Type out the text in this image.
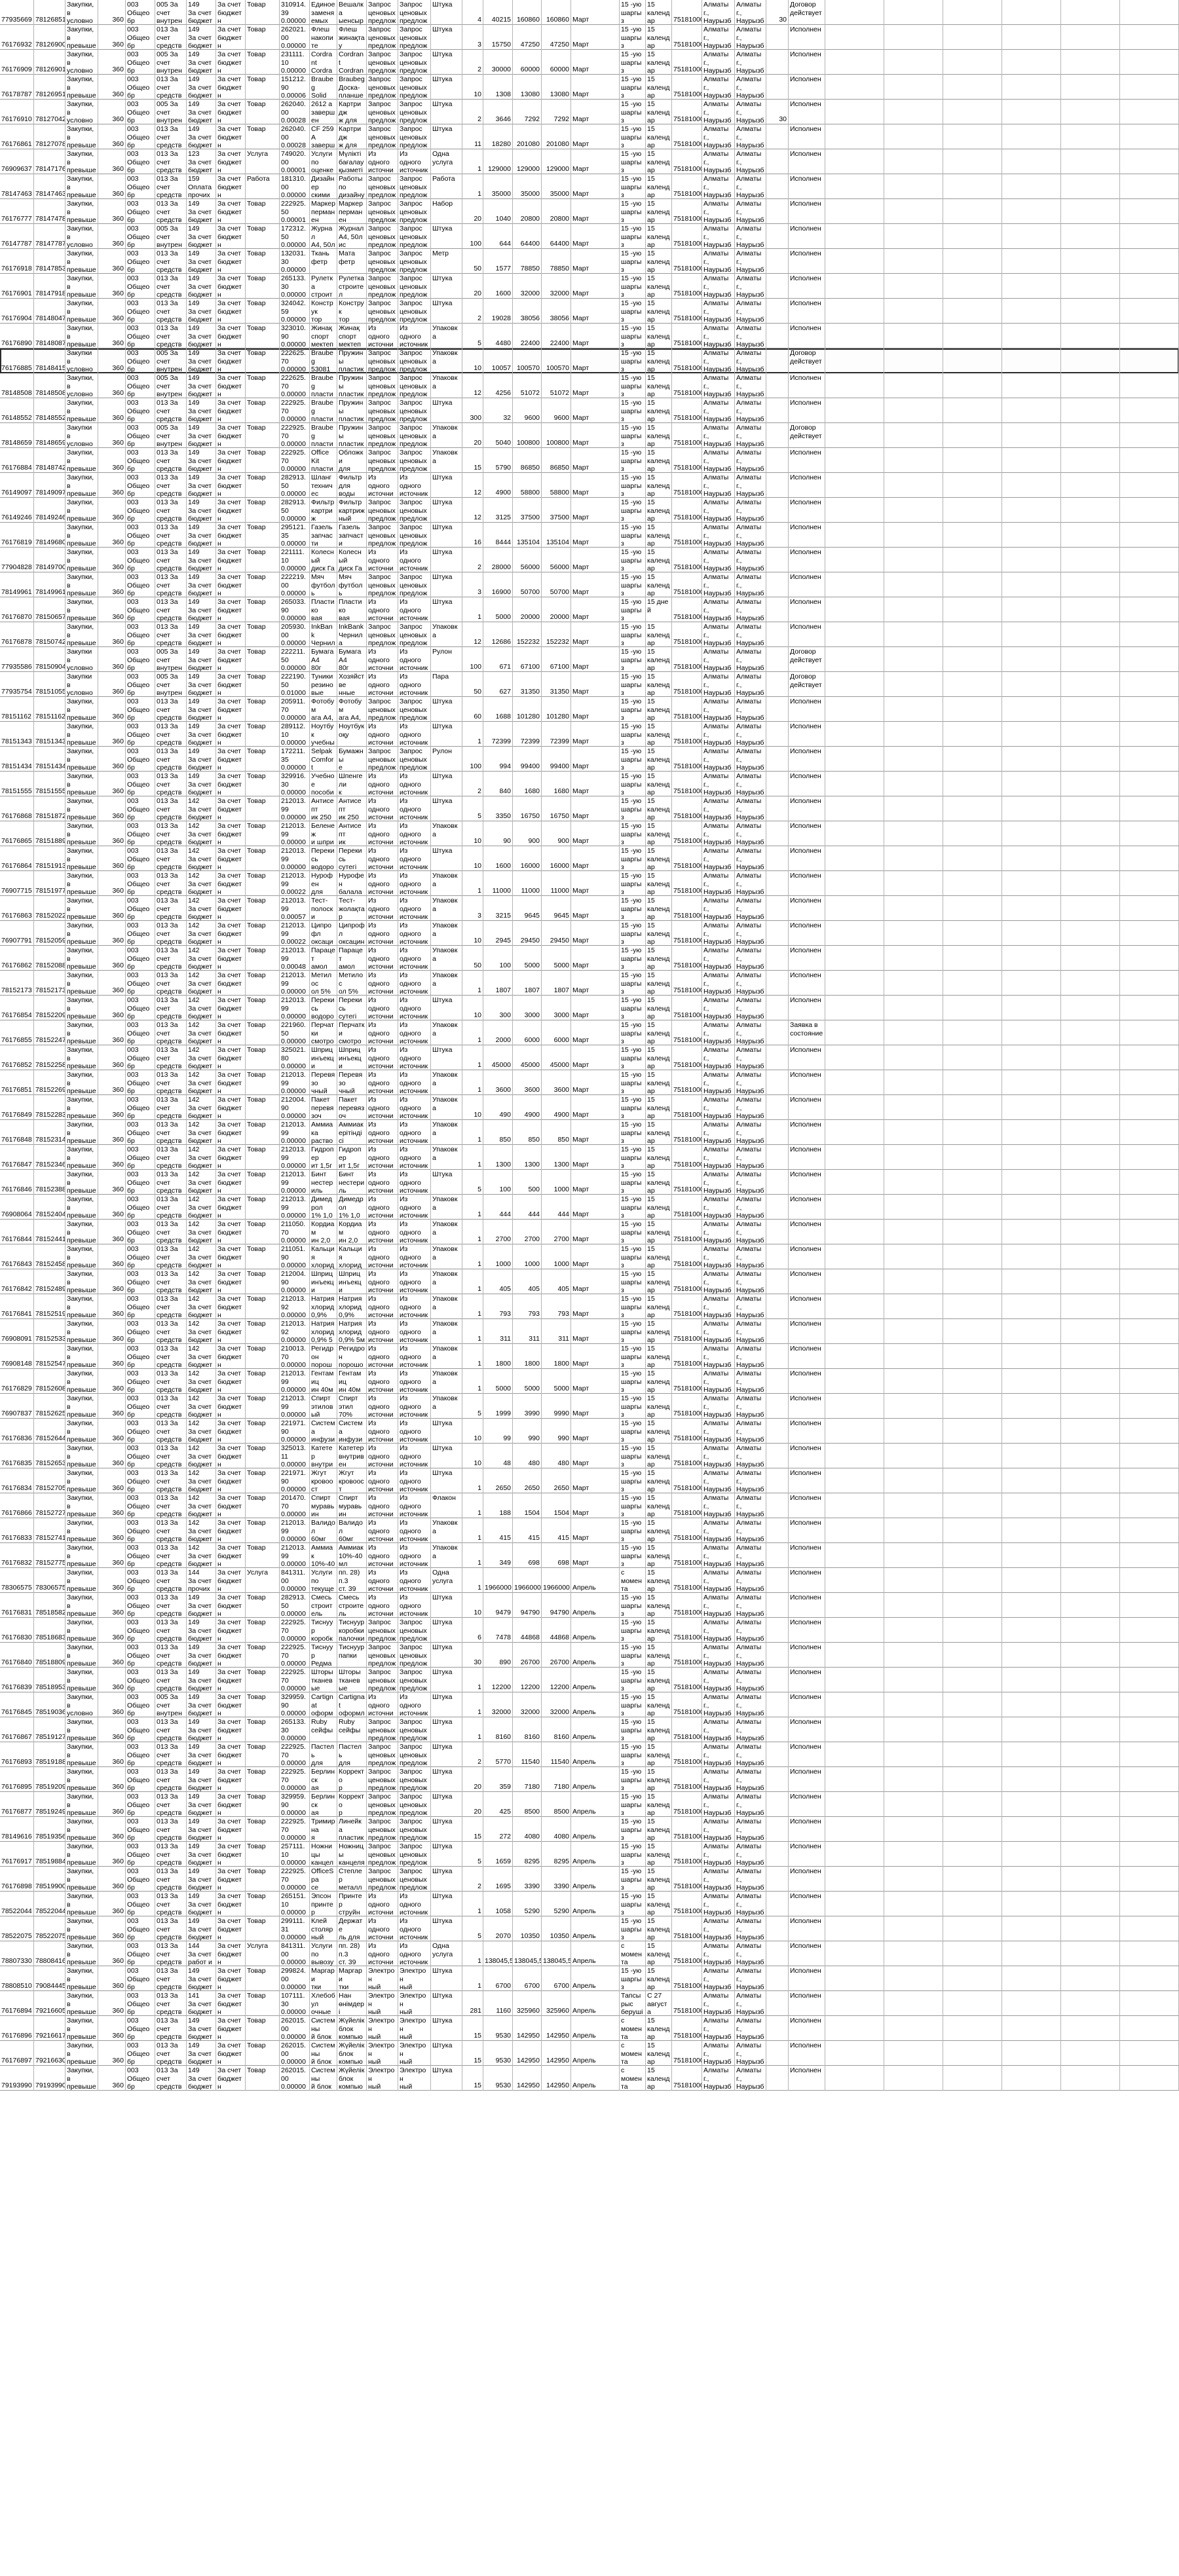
77935669 78126851
Закупки,
в
условно	360
003
Общеобр

005 За
счет
внутрен
149
За счет
бюджет
За счет
бюджетн

Товар	310914.39
0.00000
Единое
заменяемых

Вешалка
ыенсыр

Запрос
ценовых
предлож
Запрос
ценовых
предлож
Штука
4	40215 160860 160860 Март
15 -ую
шаргыз

15
календар	7518100
Алматы
г.,
Наурызб
Алматы
г.,
Наурызб	30
Договор
действует
76176932 78126900
Закупки,
в
превыше	360
003
Общеобр

013 За
счет
средств
149
За счет
бюджет
За счет
бюджетн

Товар	262021.00
0.00000
Флеш
накопите

Флеш
жинақтау

Запрос
ценовых
предлож
Запрос
ценовых
предлож
Штука
3	15750	47250	47250 Март
15 -ую
шаргыз

15
календар	7518100
Алматы
г.,
Наурызб
Алматы
г.,
Наурызб
Исполнен
76176909 78126901
Закупки,
в
условно	360
003
Общеобр

005 За
счет
внутрен
149
За счет
бюджет
За счет
бюджетн

Товар	231111.10
0.00000
Cordrant
Cordra

Cordrant
Cordran

Запрос
ценовых
предлож
Запрос
ценовых
предлож
Штука
2	30000	60000	60000 Март
15 -ую
шаргыз

15
календар	7518100
Алматы
г.,
Наурызб
Алматы
г.,
Наурызб
Исполнен
76178787 78126951
Закупки,
в
превыше	360
003
Общеобр

013 За
счет
средств
149
За счет
бюджет
За счет
бюджетн

Товар	151212.90
0.00006
Braubeg
Solid

Braubeg
Доска-
планше
Запрос
ценовых
предлож
Запрос
ценовых
предлож
Штука
10	1308	13080	13080 Март
15 -ую
шаргыз

15
календар	7518100
Алматы
г.,
Наурызб
Алматы
г.,
Наурызб
Исполнен
76176910 78127042
Закупки,
в
условно	360
003
Общеобр

005 За
счет
внутрен
149
За счет
бюджет
За счет
бюджетн

Товар	262040.00
0.00028
2612 а
завершен

Картридж
ж для

Запрос
ценовых
предлож
Запрос
ценовых
предлож
Штука
2	3646	7292	7292 Март
15 -ую
шаргыз

15
календар	7518100
Алматы
г.,
Наурызб
Алматы
г.,
Наурызб	30
Исполнен
76176861 78127078
Закупки,
в
превыше	360
003
Общеобр

013 За
счет
средств
149
За счет
бюджет
За счет
бюджетн

Товар	262040.00
0.00028
CF 259 А
заверш

Картридж
ж для

Запрос
ценовых
предлож
Запрос
ценовых
предлож
Штука
11	18280 201080 201080 Март
15 -ую
шаргыз

15
календар	7518100
Алматы
г.,
Наурызб
Алматы
г.,
Наурызб
Исполнен
76909637 78147176
Закупки,
в
превыше	360
003
Общеобр

013 За
счет
средств
123
За счет
бюджет
За счет
бюджетн

Услуга	749020.00
0.00001
Услуги по
оценке

Мүлікті
бағалау
қызметі
Из
одного
источни
Из
одного
источник
Одна
услуга
1 129000 129000 129000 Март
15 -ую
шаргыз

15
календар	7518100
Алматы
г.,
Наурызб
Алматы
г.,
Наурызб
Исполнен
78147463 78147463
Закупки,
в
превыше	360
003
Общеобр

013 За
счет
средств
159
Оплата
прочих
За счет
бюджетн

Работа	181310.00
0.00000
Дизайнер
скими

Работы
по
дизайну
Запрос
ценовых
предлож
Запрос
ценовых
предлож
Работа
1	35000	35000	35000 Март
15 -ую
шаргыз

15
календар	7518100
Алматы
г.,
Наурызб
Алматы
г.,
Наурызб
Исполнен
76176777 78147478
Закупки,
в
превыше	360
003
Общеобр

013 За
счет
средств
149
За счет
бюджет
За счет
бюджетн

Товар	222925.50
0.00001
Маркер
перманен

Маркер
перманен

Запрос
ценовых
предлож
Запрос
ценовых
предлож
Набор
20	1040	20800	20800 Март
15 -ую
шаргыз

15
календар	7518100
Алматы
г.,
Наурызб
Алматы
г.,
Наурызб
Исполнен
76147787 78147787
Закупки,
в
условно	360
003
Общеобр

005 За
счет
внутрен
149
За счет
бюджет
За счет
бюджетн

Товар	172312.50
0.00000
Журнал
A4, 50л

Журнал
A4, 50лис

Запрос
ценовых
предлож
Запрос
ценовых
предлож
Штука
100	644	64400	64400 Март
15 -ую
шаргыз

15
календар	7518100
Алматы
г.,
Наурызб
Алматы
г.,
Наурызб
Исполнен
76176918 78147853
Закупки,
в
превыше	360
003
Общеобр

013 За
счет
средств
149
За счет
бюджет
За счет
бюджетн

Товар	132031.30
0.00000
Ткань
фетр
Мата
фетр
Запрос
ценовых
предлож
Запрос
ценовых
предлож
Метр
50	1577	78850	78850 Март
15 -ую
шаргыз

15
календар	7518100
Алматы
г.,
Наурызб
Алматы
г.,
Наурызб
Исполнен
76176901 78147918
Закупки,
в
превыше	360
003
Общеобр

013 За
счет
средств
149
За счет
бюджет
За счет
бюджетн

Товар	265133.30
0.00000
Рулетка
строит

Рулетка
строител

Запрос
ценовых
предлож
Запрос
ценовых
предлож
Штука
20	1600	32000	32000 Март
15 -ую
шаргыз

15
календар	7518100
Алматы
г.,
Наурызб
Алматы
г.,
Наурызб
Исполнен
76176904 78148047
Закупки,
в
превыше	360
003
Общеобр

013 За
счет
средств
149
За счет
бюджет
За счет
бюджетн

Товар	324042.59
0.00000
Конструк
тор

Конструк
тор

Запрос
ценовых
предлож
Запрос
ценовых
предлож
Штука
2	19028	38056	38056 Март
15 -ую
шаргыз

15
календар	7518100
Алматы
г.,
Наурызб
Алматы
г.,
Наурызб
Исполнен
76176890 78148087
Закупки,
в
превыше	360
003
Общеобр

013 За
счет
средств
149
За счет
бюджет
За счет
бюджетн

Товар	323010.90
0.00000
Жинақ
спорт
мектеп
Жинақ
спорт
мектеп
Из
одного
источни
Из
одного
источник
Упаковка
5	4480	22400	22400 Март
15 -ую
шаргыз

15
календар	7518100
Алматы
г.,
Наурызб
Алматы
г.,
Наурызб
Исполнен
76176885 78148415
Закупки в
условно	360
003
Общеобр

005 За
счет
внутрен
149
За счет
бюджет
За счет
бюджетн

Товар	222625.70
0.00000
Braubeg
53081

Пружины
пластик

Запрос
ценовых
предлож
Запрос
ценовых
предлож
Упаковка
10	10057 100570 100570 Март
15 -ую
шаргыз

15
календар	7518100
Алматы
г.,
Наурызб
Алматы
г.,
Наурызб
Договор
действует
78148508 78148508
Закупки,
в
условно	360
003
Общеобр

005 За
счет
внутрен
149
За счет
бюджет
За счет
бюджетн

Товар	222625.70
0.00000
Braubeg
пласти

Пружины
пластик

Запрос
ценовых
предлож
Запрос
ценовых
предлож
Упаковка
12	4256	51072	51072 Март
15 -ую
шаргыз

15
календар	7518100
Алматы
г.,
Наурызб
Алматы
г.,
Наурызб
Исполнен
76148552 78148552
Закупки,
в
превыше	360
003
Общеобр

013 За
счет
средств
149
За счет
бюджет
За счет
бюджетн

Товар	222925.70
0.00000
Braubeg
пласти

Пружины
пластик

Запрос
ценовых
предлож
Запрос
ценовых
предлож
Штука
300	32	9600	9600 Март
15 -ую
шаргыз

15
календар	7518100
Алматы
г.,
Наурызб
Алматы
г.,
Наурызб
Исполнен
78148659 78148659
Закупки в
условно	360
003
Общеобр

005 За
счет
внутрен
149
За счет
бюджет
За счет
бюджетн

Товар	222925.70
0.00000
Braubeg
пласти

Пружины
пластик

Запрос
ценовых
предлож
Запрос
ценовых
предлож
Упаковка
20	5040 100800 100800 Март
15 -ую
шаргыз

15
календар	7518100
Алматы
г.,
Наурызб
Алматы
г.,
Наурызб
Договор
действует
76176884 78148742
Закупки,
в
превыше	360
003
Общеобр

013 За
счет
средств
149
За счет
бюджет
За счет
бюджетн

Товар	222925.70
0.00000
Office Kit
пласти

Обложки
для

Запрос
ценовых
предлож
Запрос
ценовых
предлож
Упаковка
15	5790	86850	86850 Март
15 -ую
шаргыз

15
календар	7518100
Алматы
г.,
Наурызб
Алматы
г.,
Наурызб
Исполнен
76149097 78149097
Закупки,
в
превыше	360
003
Общеобр

013 За
счет
средств
149
За счет
бюджет
За счет
бюджетн

Товар	282913.50
0.00000
Шланг
техничес

Фильтр
для
воды
Из
одного
источни
Из
одного
источник
Штука
12	4900	58800	58800 Март
15 -ую
шаргыз

15
календар	7518100
Алматы
г.,
Наурызб
Алматы
г.,
Наурызб
Исполнен
76149246 78149246
Закупки,
в
превыше	360
003
Общеобр

013 За
счет
средств
149
За счет
бюджет
За счет
бюджетн

Товар	282913.50
0.00000
Фильтр
картриж

Фильтр
картриж
ный
Запрос
ценовых
предлож
Запрос
ценовых
предлож
Штука
12	3125	37500	37500 Март
15 -ую
шаргыз

15
календар	7518100
Алматы
г.,
Наурызб
Алматы
г.,
Наурызб
Исполнен
76176819 78149680
Закупки,
в
превыше	360
003
Общеобр

013 За
счет
средств
149
За счет
бюджет
За счет
бюджетн

Товар	295121.35
0.00000
Газель
запчасти

Газель
запчасти

Запрос
ценовых
предлож
Запрос
ценовых
предлож
Штука
16	8444 135104 135104 Март
15 -ую
шаргыз

15
календар	7518100
Алматы
г.,
Наурызб
Алматы
г.,
Наурызб
Исполнен
77904828 78149700
Закупки,
в
превыше	360
003
Общеобр

013 За
счет
средств
149
За счет
бюджет
За счет
бюджетн

Товар	221111.10
0.00000
Колесный
диск Га

Колесный
диск Га

Из
одного
источни
Из
одного
источник
Штука
2	28000	56000	56000 Март
15 -ую
шаргыз

15
календар	7518100
Алматы
г.,
Наурызб
Алматы
г.,
Наурызб
Исполнен
78149961 78149961
Закупки,
в
превыше	360
003
Общеобр

013 За
счет
средств
149
За счет
бюджет
За счет
бюджетн

Товар	222219.00
0.00000
Мяч
футболь

Мяч
футболь

Запрос
ценовых
предлож
Запрос
ценовых
предлож
Штука
3	16900	50700	50700 Март
15 -ую
шаргыз

15
календар	7518100
Алматы
г.,
Наурызб
Алматы
г.,
Наурызб
Исполнен
76176870 78150657
Закупки,
в
превыше	360
003
Общеобр

013 За
счет
средств
149
За счет
бюджет
За счет
бюджетн

Товар	265033.90
0.00000
Пластико
вая

Пластико
вая

Из
одного
источни
Из
одного
источник
Штука
1	5000	20000	20000 Март
15 -ую
шаргыз

15 дней
7518100
Алматы
г.,
Наурызб
Алматы
г.,
Наурызб
Исполнен
76176878 78150742
Закупки,
в
превыше	360
003
Общеобр

013 За
счет
средств
149
За счет
бюджет
За счет
бюджетн

Товар	205930.00
0.00000
InkBank
Чернил

InkBank
Чернила

Запрос
ценовых
предлож
Запрос
ценовых
предлож
Упаковка
12	12686 152232 152232 Март
15 -ую
шаргыз

15
календар	7518100
Алматы
г.,
Наурызб
Алматы
г.,
Наурызб
Исполнен
77935586 78150904
Закупки в
условно	360
003
Общеобр

005 За
счет
внутрен
149
За счет
бюджет
За счет
бюджетн

Товар	222211.50
0.00000
Бумага
А4
80г
Бумага
А4
80г
Из
одного
источни
Из
одного
источник
Рулон
100	671	67100	67100 Март
15 -ую
шаргыз

15
календар	7518100
Алматы
г.,
Наурызб
Алматы
г.,
Наурызб
Договор
действует
77935754 78151055
Закупки в
условно	360
003
Общеобр

005 За
счет
внутрен
149
За счет
бюджет
За счет
бюджетн

Товар	222190.50
0.01000
Туники
резиновые
Хозяйстве
нные

Из
одного
источни
Из
одного
источник
Пара
50	627	31350	31350 Март
15 -ую
шаргыз

15
календар	7518100
Алматы
г.,
Наурызб
Алматы
г.,
Наурызб
Договор
действует
78151162 78151162
Закупки,
в
превыше	360
003
Общеобр

013 За
счет
средств
149
За счет
бюджет
За счет
бюджетн

Товар	205911.70
0.00000
Фотобум
ага А4,

Фотобум
ага А4,

Запрос
ценовых
предлож
Запрос
ценовых
предлож
Штука
60	1688 101280 101280 Март
15 -ую
шаргыз

15
календар	7518100
Алматы
г.,
Наурызб
Алматы
г.,
Наурызб
Исполнен
78151343 78151343
Закупки,
в
превыше	360
003
Общеобр

013 За
счет
средств
149
За счет
бюджет
За счет
бюджетн

Товар	289112.10
0.00000
Ноутбук
учебны
Ноутбук
оқу
Из
одного
источни
Из
одного
источник
Штука
1	72399	72399	72399 Март
15 -ую
шаргыз

15
календар	7518100
Алматы
г.,
Наурызб
Алматы
г.,
Наурызб
Исполнен
78151434 78151434
Закупки,
в
превыше	360
003
Общеобр

013 За
счет
средств
149
За счет
бюджет
За счет
бюджетн

Товар	172211.35
0.00000
Selpak
Comfort

Бумажны
е

Запрос
ценовых
предлож
Запрос
ценовых
предлож
Рулон
100	994	99400	99400 Март
15 -ую
шаргыз

15
календар	7518100
Алматы
г.,
Наурызб
Алматы
г.,
Наурызб
Исполнен
78151555 78151555
Закупки,
в
превыше	360
003
Общеобр

013 За
счет
средств
149
За счет
бюджет
За счет
бюджетн

Товар	329916.30
0.00000
Учебное
пособи
Шпенгели
к
Из
одного
источни
Из
одного
источник
Штука
2	840	1680	1680 Март
15 -ую
шаргыз

15
календар	7518100
Алматы
г.,
Наурызб
Алматы
г.,
Наурызб
Исполнен
76176868 78151872
Закупки,
в
превыше	360
003
Общеобр

013 За
счет
средств
142
За счет
бюджет
За счет
бюджетн

Товар	212013.99
0.00000
Антисепт
ик 250

Антисепт
ик 250

Из
одного
источни
Из
одного
источник
Штука
5	3350	16750	16750 Март
15 -ую
шаргыз

15
календар	7518100
Алматы
г.,
Наурызб
Алматы
г.,
Наурызб
Исполнен
76176865 78151889
Закупки,
в
превыше	360
003
Общеобр

013 За
счет
средств
142
За счет
бюджет
За счет
бюджетн

Товар	212013.99
0.00000
Беленеж
и шпри

Антисепт
ик

Из
одного
источни
Из
одного
источник
Упаковка
10	90	900	900 Март
15 -ую
шаргыз

15
календар	7518100
Алматы
г.,
Наурызб
Алматы
г.,
Наурызб
Исполнен
76176864 78151913
Закупки,
в
превыше	360
003
Общеобр

013 За
счет
средств
142
За счет
бюджет
За счет
бюджетн

Товар	212013.99
0.00000
Перекись
водоро

Перекись
сутегі

Из
одного
источни
Из
одного
источник
Штука
10	1600	16000	16000 Март
15 -ую
шаргыз

15
календар	7518100
Алматы
г.,
Наурызб
Алматы
г.,
Наурызб
Исполнен
76907715 78151977
Закупки,
в
превыше	360
003
Общеобр

013 За
счет
средств
142
За счет
бюджет
За счет
бюджетн

Товар	212013.99
0.00022
Нурофен
для

Нурофен
балала

Из
одного
источни
Из
одного
источник
Упаковка
1	11000	11000	11000 Март
15 -ую
шаргыз

15
календар	7518100
Алматы
г.,
Наурызб
Алматы
г.,
Наурызб
Исполнен
76176863 78152022
Закупки,
в
превыше	360
003
Общеобр

013 За
счет
средств
142
За счет
бюджет
За счет
бюджетн

Товар	212013.99
0.00057
Тест-
полоски

Тест-
жолақтар

Из
одного
источни
Из
одного
источник
Упаковка
3	3215	9645	9645 Март
15 -ую
шаргыз

15
календар	7518100
Алматы
г.,
Наурызб
Алматы
г.,
Наурызб
Исполнен
76907791 78152059
Закупки,
в
превыше	360
003
Общеобр

013 За
счет
средств
142
За счет
бюджет
За счет
бюджетн

Товар	212013.99
0.00022
Ципрофл
оксаци

Ципрофл
оксацин

Из
одного
источни
Из
одного
источник
Упаковка
10	2945	29450	29450 Март
15 -ую
шаргыз

15
календар	7518100
Алматы
г.,
Наурызб
Алматы
г.,
Наурызб
Исполнен
76176862 78152088
Закупки,
в
превыше	360
003
Общеобр

013 За
счет
средств
142
За счет
бюджет
За счет
бюджетн

Товар	212013.99
0.00048
Парацет
амол

Парацет
амол

Из
одного
источни
Из
одного
источник
Упаковка
50	100	5000	5000 Март
15 -ую
шаргыз

15
календар	7518100
Алматы
г.,
Наурызб
Алматы
г.,
Наурызб
Исполнен
78152173 78152173
Закупки,
в
превыше	360
003
Общеобр

013 За
счет
средств
142
За счет
бюджет
За счет
бюджетн

Товар	212013.99
0.00000
Метилос
ол 5%

Метилос
ол 5%

Из
одного
источни
Из
одного
источник
Упаковка
1	1807	1807	1807 Март
15 -ую
шаргыз

15
календар	7518100
Алматы
г.,
Наурызб
Алматы
г.,
Наурызб
Исполнен
76176854 78152209
Закупки,
в
превыше	360
003
Общеобр

013 За
счет
средств
142
За счет
бюджет
За счет
бюджетн

Товар	212013.99
0.00000
Перекись
водоро

Перекись
сутегі

Из
одного
источни
Из
одного
источник
Штука
10	300	3000	3000 Март
15 -ую
шаргыз

15
календар	7518100
Алматы
г.,
Наурызб
Алматы
г.,
Наурызб
Исполнен
76176855 78152247
Закупки,
в
превыше	360
003
Общеобр

013 За
счет
средств
142
За счет
бюджет
За счет
бюджетн

Товар	221960.50
0.00000
Перчатки
смотро
Перчатки
смотро
Из
одного
источни
Из
одного
источник
Упаковка
1	2000	6000	6000 Март
15 -ую
шаргыз

15
календар	7518100
Алматы
г.,
Наурызб
Алматы
г.,
Наурызб
Заявка в
состояние
76176852 78152258
Закупки,
в
превыше	360
003
Общеобр

013 За
счет
средств
142
За счет
бюджет
За счет
бюджетн

Товар	325021.80
0.00000
Шприц
инъекци

Шприц
инъекци

Из
одного
источни
Из
одного
источник
Штука
1	45000	45000	45000 Март
15 -ую
шаргыз

15
календар	7518100
Алматы
г.,
Наурызб
Алматы
г.,
Наурызб
Исполнен
76176851 78152269
Закупки,
в
превыше	360
003
Общеобр

013 За
счет
средств
142
За счет
бюджет
За счет
бюджетн

Товар	212013.99
0.00000
Перевязо
чный

Перевязо
чный

Из
одного
источни
Из
одного
источник
Упаковка
1	3600	3600	3600 Март
15 -ую
шаргыз

15
календар	7518100
Алматы
г.,
Наурызб
Алматы
г.,
Наурызб
Исполнен
76176849 78152283
Закупки,
в
превыше	360
003
Общеобр

013 За
счет
средств
142
За счет
бюджет
За счет
бюджетн

Товар	212004.90
0.00000
Пакет
перевязоч

Пакет
перевязоч

Из
одного
источни
Из
одного
источник
Упаковка
10	490	4900	4900 Март
15 -ую
шаргыз

15
календар	7518100
Алматы
г.,
Наурызб
Алматы
г.,
Наурызб
Исполнен
76176848 78152314
Закупки,
в
превыше	360
003
Общеобр

013 За
счет
средств
142
За счет
бюджет
За счет
бюджетн

Товар	212013.99
0.00000
Аммиака
раство

Аммиак
ерітіндісі

Из
одного
источни
Из
одного
источник
Упаковка
1	850	850	850 Март
15 -ую
шаргыз

15
календар	7518100
Алматы
г.,
Наурызб
Алматы
г.,
Наурызб
Исполнен
76176847 78152346
Закупки,
в
превыше	360
003
Общеобр

013 За
счет
средств
142
За счет
бюджет
За счет
бюджетн

Товар	212013.99
0.00000
Гидропер
ит 1,5г
Гидропер
ит 1,5г
Из
одного
источни
Из
одного
источник
Упаковка
1	1300	1300	1300 Март
15 -ую
шаргыз

15
календар	7518100
Алматы
г.,
Наурызб
Алматы
г.,
Наурызб
Исполнен
76176846 78152388
Закупки,
в
превыше	360
003
Общеобр

013 За
счет
средств
142
За счет
бюджет
За счет
бюджетн

Товар	212013.99
0.00000
Бинт
нестериль

Бинт
нестериль

Из
одного
источни
Из
одного
источник
Штука
5	100	500	1000 Март
15 -ую
шаргыз

15
календар	7518100
Алматы
г.,
Наурызб
Алматы
г.,
Наурызб
Исполнен
76908064 78152404
Закупки,
в
превыше	360
003
Общеобр

013 За
счет
средств
142
За счет
бюджет
За счет
бюджетн

Товар	212013.99
0.00000
Димедрол
1% 1,0

Димедрол
1% 1,0

Из
одного
источни
Из
одного
источник
Упаковка
1	444	444	444 Март
15 -ую
шаргыз

15
календар	7518100
Алматы
г.,
Наурызб
Алматы
г.,
Наурызб
Исполнен
76176844 78152441
Закупки,
в
превыше	360
003
Общеобр

013 За
счет
средств
142
За счет
бюджет
За счет
бюджетн

Товар	211050.70
0.00000
Кордиам
ин 2,0

Кордиам
ин 2,0

Из
одного
источни
Из
одного
источник
Упаковка
1	2700	2700	2700 Март
15 -ую
шаргыз

15
календар	7518100
Алматы
г.,
Наурызб
Алматы
г.,
Наурызб
Исполнен
76176843 78152458
Закупки,
в
превыше	360
003
Общеобр

013 За
счет
средств
142
За счет
бюджет
За счет
бюджетн

Товар	211051.90
0.00000
Кальция
хлорид

Кальция
хлорид

Из
одного
источни
Из
одного
источник
Упаковка
1	1000	1000	1000 Март
15 -ую
шаргыз

15
календар	7518100
Алматы
г.,
Наурызб
Алматы
г.,
Наурызб
Исполнен
76176842 78152489
Закупки,
в
превыше	360
003
Общеобр

013 За
счет
средств
142
За счет
бюджет
За счет
бюджетн

Товар	212004.90
0.00000
Шприц
инъекци

Шприц
инъекци

Из
одного
источни
Из
одного
источник
Упаковка
1	405	405	405 Март
15 -ую
шаргыз

15
календар	7518100
Алматы
г.,
Наурызб
Алматы
г.,
Наурызб
Исполнен
76176841 78152519
Закупки,
в
превыше	360
003
Общеобр

013 За
счет
средств
142
За счет
бюджет
За счет
бюджетн

Товар	212013.92
0.00000
Натрия
хлорид
0,9%
Натрия
хлорид
0,9%
Из
одного
источни
Из
одного
источник
Упаковка
1	793	793	793 Март
15 -ую
шаргыз

15
календар	7518100
Алматы
г.,
Наурызб
Алматы
г.,
Наурызб
Исполнен
76908091 78152533
Закупки,
в
превыше	360
003
Общеобр

013 За
счет
средств
142
За счет
бюджет
За счет
бюджетн

Товар	212013.92
0.00000
Натрия
хлорид
0,9% 5
Натрия
хлорид
0,9% 5м
Из
одного
источни
Из
одного
источник
Упаковка
1	311	311	311 Март
15 -ую
шаргыз

15
календар	7518100
Алматы
г.,
Наурызб
Алматы
г.,
Наурызб
Исполнен
76908148 78152547
Закупки,
в
превыше	360
003
Общеобр

013 За
счет
средств
142
За счет
бюджет
За счет
бюджетн

Товар	210013.70
0.00000
Регидрон
порош

Регидрон
порошо

Из
одного
источни
Из
одного
источник
Упаковка
1	1800	1800	1800 Март
15 -ую
шаргыз

15
календар	7518100
Алматы
г.,
Наурызб
Алматы
г.,
Наурызб
Исполнен
76176829 78152608
Закупки,
в
превыше	360
003
Общеобр

013 За
счет
средств
142
За счет
бюджет
За счет
бюджетн

Товар	212013.99
0.00000
Гентамиц
ин 40м

Гентамиц
ин 40м

Из
одного
источни
Из
одного
источник
Упаковка
1	5000	5000	5000 Март
15 -ую
шаргыз

15
календар	7518100
Алматы
г.,
Наурызб
Алматы
г.,
Наурызб
Исполнен
76907837 78152625
Закупки,
в
превыше	360
003
Общеобр

013 За
счет
средств
142
За счет
бюджет
За счет
бюджетн

Товар	212013.99
0.00000
Спирт
этиловый

Спирт
этил
70%
Из
одного
источни
Из
одного
источник
Упаковка
5	1999	3990	9990 Март
15 -ую
шаргыз

15
календар	7518100
Алматы
г.,
Наурызб
Алматы
г.,
Наурызб
Исполнен
76176836 78152644
Закупки,
в
превыше	360
003
Общеобр

013 За
счет
средств
142
За счет
бюджет
За счет
бюджетн

Товар	221971.90
0.00000
Система
инфузи

Система
инфузи

Из
одного
источни
Из
одного
источник
Штука
10	99	990	990 Март
15 -ую
шаргыз

15
календар	7518100
Алматы
г.,
Наурызб
Алматы
г.,
Наурызб
Исполнен
76176835 78152653
Закупки,
в
превыше	360
003
Общеобр

013 За
счет
средств
142
За счет
бюджет
За счет
бюджетн

Товар	325013.11
0.00000
Катетер
внутри

Катетер
внутривен

Из
одного
источни
Из
одного
источник
Штука
10	48	480	480 Март
15 -ую
шаргыз

15
календар	7518100
Алматы
г.,
Наурызб
Алматы
г.,
Наурызб
Исполнен
76176834 78152705
Закупки,
в
превыше	360
003
Общеобр

013 За
счет
средств
142
За счет
бюджет
За счет
бюджетн

Товар	221971.90
0.00000
Жгут
кровоост

Жгут
кровоост

Из
одного
источни
Из
одного
источник
Штука
1	2650	2650	2650 Март
15 -ую
шаргыз

15
календар	7518100
Алматы
г.,
Наурызб
Алматы
г.,
Наурызб
Исполнен
76176866 78152727
Закупки,
в
превыше	360
003
Общеобр

013 За
счет
средств
142
За счет
бюджет
За счет
бюджетн

Товар	201470.70
0.00000
Спирт
муравьин

Спирт
муравьин

Из
одного
источни
Из
одного
источник
Флакон
1	188	1504	1504 Март
15 -ую
шаргыз

15
календар	7518100
Алматы
г.,
Наурызб
Алматы
г.,
Наурызб
Исполнен
76176833 78152741
Закупки,
в
превыше	360
003
Общеобр

013 За
счет
средств
142
За счет
бюджет
За счет
бюджетн

Товар	212013.99
0.00000
Валидол
60мг
Валидол
60мг
Из
одного
источни
Из
одного
источник
Упаковка
1	415	415	415 Март
15 -ую
шаргыз

15
календар	7518100
Алматы
г.,
Наурызб
Алматы
г.,
Наурызб
Исполнен
76176832 78152775
Закупки,
в
превыше	360
003
Общеобр

013 За
счет
средств
142
За счет
бюджет
За счет
бюджетн

Товар	212013.99
0.00000
Аммиак
10%-40
Аммиак
10%-40мл
Из
одного
источни
Из
одного
источник
Упаковка
1	349	698	698 Март
15 -ую
шаргыз

15
календар	7518100
Алматы
г.,
Наурызб
Алматы
г.,
Наурызб
Исполнен
78306575 78306575
Закупки,
в
превыше	360
003
Общеобр

013 За
счет
средств
144
За счет
прочих
За счет
бюджетн

Услуга	841311.00
0.00000
Услуги по
текуще

пп. 28) п.3
ст. 39

Из
одного
источни
Из
одного
источник
Одна
услуга
1 1966000 1966000 1966000 Апрель
с
момента

15
календар	7518100
Алматы
г.,
Наурызб
Алматы
г.,
Наурызб
Исполнен
76176831 78518582
Закупки,
в
превыше	360
003
Общеобр

013 За
счет
средств
149
За счет
бюджет
За счет
бюджетн

Товар	282913.50
0.00000
Смесь
строитель

Смесь
строитель

Из
одного
источни
Из
одного
источник
Штука
10	9479	94790	94790 Апрель
15 -ую
шаргыз

15
календар	7518100
Алматы
г.,
Наурызб
Алматы
г.,
Наурызб
Исполнен
76176830 78518683
Закупки,
в
превыше	360
003
Общеобр

013 За
счет
средств
149
За счет
бюджет
За счет
бюджетн

Товар	222925.70
0.00000
Тиснуур
коробк

Тиснуур
коробки
палочки
Запрос
ценовых
предлож
Запрос
ценовых
предлож
Штука
6	7478	44868	44868 Апрель
15 -ую
шаргыз

15
календар	7518100
Алматы
г.,
Наурызб
Алматы
г.,
Наурызб
Исполнен
76176840 78518809
Закупки,
в
превыше	360
003
Общеобр

013 За
счет
средств
149
За счет
бюджет
За счет
бюджетн

Товар	222925.70
0.00000
Тиснуур
Редма

Тиснуур
папки
Запрос
ценовых
предлож
Запрос
ценовых
предлож
Штука
30	890	26700	26700 Апрель
15 -ую
шаргыз

15
календар	7518100
Алматы
г.,
Наурызб
Алматы
г.,
Наурызб
Исполнен
76176839 78518953
Закупки,
в
превыше	360
003
Общеобр

013 За
счет
средств
149
За счет
бюджет
За счет
бюджетн

Товар	222925.70
0.00000
Шторы
тканевые
Шторы
тканевые
Запрос
ценовых
предлож
Запрос
ценовых
предлож
Штука
1	12200	12200	12200 Апрель
15 -ую
шаргыз

15
календар	7518100
Алматы
г.,
Наурызб
Алматы
г.,
Наурызб
Исполнен
76176845 78519036
Закупки,
в
условно	360
003
Общеобр

005 За
счет
внутрен
149
За счет
бюджет
За счет
бюджетн

Товар	329959.90
0.00000
Cartignat
оформ

Cartignat
оформл

Из
одного
источни
Из
одного
источник
Штука
1	32000	32000	32000 Апрель
15 -ую
шаргыз

15
календар	7518100
Алматы
г.,
Наурызб
Алматы
г.,
Наурызб
Исполнен
76176867 78519127
Закупки,
в
превыше	360
003
Общеобр

013 За
счет
средств
149
За счет
бюджет
За счет
бюджетн

Товар	265133.30
0.00000
Ruby
сейфы
Ruby
сейфы
Запрос
ценовых
предлож
Запрос
ценовых
предлож
Штука
1	8160	8160	8160 Апрель
15 -ую
шаргыз

15
календар	7518100
Алматы
г.,
Наурызб
Алматы
г.,
Наурызб
Исполнен
76176893 78519188
Закупки,
в
превыше	360
003
Общеобр

013 За
счет
средств
149
За счет
бюджет
За счет
бюджетн

Товар	222925.70
0.00000
Пастель
для

Пастель
для

Запрос
ценовых
предлож
Запрос
ценовых
предлож
Штука
2	5770	11540	11540 Апрель
15 -ую
шаргыз

15
календар	7518100
Алматы
г.,
Наурызб
Алматы
г.,
Наурызб
Исполнен
76176895 78519209
Закупки,
в
превыше	360
003
Общеобр

013 За
счет
средств
149
За счет
бюджет
За счет
бюджетн

Товар	222925.70
0.00000
Берлинск
ая

Корректо
р

Запрос
ценовых
предлож
Запрос
ценовых
предлож
Штука
20	359	7180	7180 Апрель
15 -ую
шаргыз

15
календар	7518100
Алматы
г.,
Наурызб
Алматы
г.,
Наурызб
Исполнен
76176877 78519249
Закупки,
в
превыше	360
003
Общеобр

013 За
счет
средств
149
За счет
бюджет
За счет
бюджетн

Товар	329959.90
0.00000
Берлинск
ая

Корректо
р

Запрос
ценовых
предлож
Запрос
ценовых
предлож
Штука
20	425	8500	8500 Апрель
15 -ую
шаргыз

15
календар	7518100
Алматы
г.,
Наурызб
Алматы
г.,
Наурызб
Исполнен
78149616 78519356
Закупки,
в
превыше	360
003
Общеобр

013 За
счет
средств
149
За счет
бюджет
За счет
бюджетн

Товар	222925.70
0.00000
Тримирна
я

Линейка
пластик

Запрос
ценовых
предлож
Запрос
ценовых
предлож
Штука
15	272	4080	4080 Апрель
15 -ую
шаргыз

15
календар	7518100
Алматы
г.,
Наурызб
Алматы
г.,
Наурызб
Исполнен
76176917 78519884
Закупки,
в
превыше	360
003
Общеобр

013 За
счет
средств
149
За счет
бюджет
За счет
бюджетн

Товар	257111.10
0.00000
Ножницы
канцел

Ножницы
канцеля

Запрос
ценовых
предлож
Запрос
ценовых
предлож
Штука
5	1659	8295	8295 Апрель
15 -ую
шаргыз

15
календар	7518100
Алматы
г.,
Наурызб
Алматы
г.,
Наурызб
Исполнен
76176898 78519900
Закупки,
в
превыше	360
003
Общеобр

013 За
счет
средств
149
За счет
бюджет
За счет
бюджетн

Товар	222925.70
0.00000
OfficeSpa
ce

Степлер
металл

Запрос
ценовых
предлож
Запрос
ценовых
предлож
Штука
2	1695	3390	3390 Апрель
15 -ую
шаргыз

15
календар	7518100
Алматы
г.,
Наурызб
Алматы
г.,
Наурызб
Исполнен
78522044 78522044
Закупки,
в
превыше	360
003
Общеобр

013 За
счет
средств
149
За счет
бюджет
За счет
бюджетн

Товар	265151.10
0.00000
Эпсон
принтер
Принтер
струйн
Из
одного
источни
Из
одного
источник
Штука
1	1058	5290	5290 Апрель
15 -ую
шаргыз

15
календар	7518100
Алматы
г.,
Наурызб
Алматы
г.,
Наурызб
Исполнен
78522075 78522075
Закупки,
в
превыше	360
003
Общеобр

013 За
счет
средств
149
За счет
бюджет
За счет
бюджетн

Товар	299111.31
0.00000
Клей
столярный
Держате
ль для

Из
одного
источни
Из
одного
источник
Штука
5	2070	10350	10350 Апрель
15 -ую
шаргыз

15
календар	7518100
Алматы
г.,
Наурызб
Алматы
г.,
Наурызб
Исполнен
78807330 78808416
Закупки,
в
превыше	360
003
Общеобр

013 За
счет
средств
144
За счет
работ и

За счет
бюджетн

Услуга	841311.00
0.00000
Услуги по
вывозу

пп. 28) п.3
ст. 39

Из
одного
источни
Из
одного
источник
Одна
услуга
1 138045,5 138045,5 138045,5 Апрель
с
момента

15
календар	7518100
Алматы
г.,
Наурызб
Алматы
г.,
Наурызб
Исполнен
78808510 79084445
Закупки,
в
превыше	360
003
Общеобр

013 За
счет
средств
149
За счет
бюджет
За счет
бюджетн

Товар	299824.00
0.00000
Маргари
тки

Маргари
тки

Электрон
ный

Электрон
ный

Штука
1	6700	6700	6700 Апрель
15 -ую
шаргыз

15
календар	7518100
Алматы
г.,
Наурызб
Алматы
г.,
Наурызб
Исполнен
76176894 79216605
Закупки,
в
превыше	360
003
Общеобр

013 За
счет
средств
141
За счет
бюджет
За счет
бюджетн

Товар	107111.30
0.00000
Хлебобул
очные

Нан
өнімдері
Электрон
ный

Электрон
ный

Штука
281	1160 325960 325960 Апрель
Тапсырыс
беруші

С 27
августа	7518100
Алматы
г.,
Наурызб
Алматы
г.,
Наурызб
Исполнен
76176896 79216617
Закупки,
в
превыше	360
003
Общеобр

013 За
счет
средств
149
За счет
бюджет
За счет
бюджетн

Товар	262015.00
0.00000
Системны
й блок

Жүйелік
блок
компью
Электрон
ный

Электрон
ный

Штука
15	9530 142950 142950 Апрель
с
момента

15
календар	7518100
Алматы
г.,
Наурызб
Алматы
г.,
Наурызб
Исполнен
76176897 79216630
Закупки,
в
превыше	360
003
Общеобр

013 За
счет
средств
149
За счет
бюджет
За счет
бюджетн

Товар	262015.00
0.00000
Системны
й блок

Жүйелік
блок
компью
Электрон
ный

Электрон
ный

Штука
15	9530 142950 142950 Апрель
с
момента

15
календар	7518100
Алматы
г.,
Наурызб
Алматы
г.,
Наурызб
Исполнен
79193990 79193990
Закупки,
в
превыше	360
003
Общеобр

013 За
счет
средств
149
За счет
бюджет
За счет
бюджетн

Товар	262015.00
0.00000
Системны
й блок

Жүйелік
блок
компью
Электрон
ный

Электрон
ный

Штука
15	9530 142950 142950 Апрель
с
момента

15
календар	7518100
Алматы
г.,
Наурызб
Алматы
г.,
Наурызб
Исполнен
